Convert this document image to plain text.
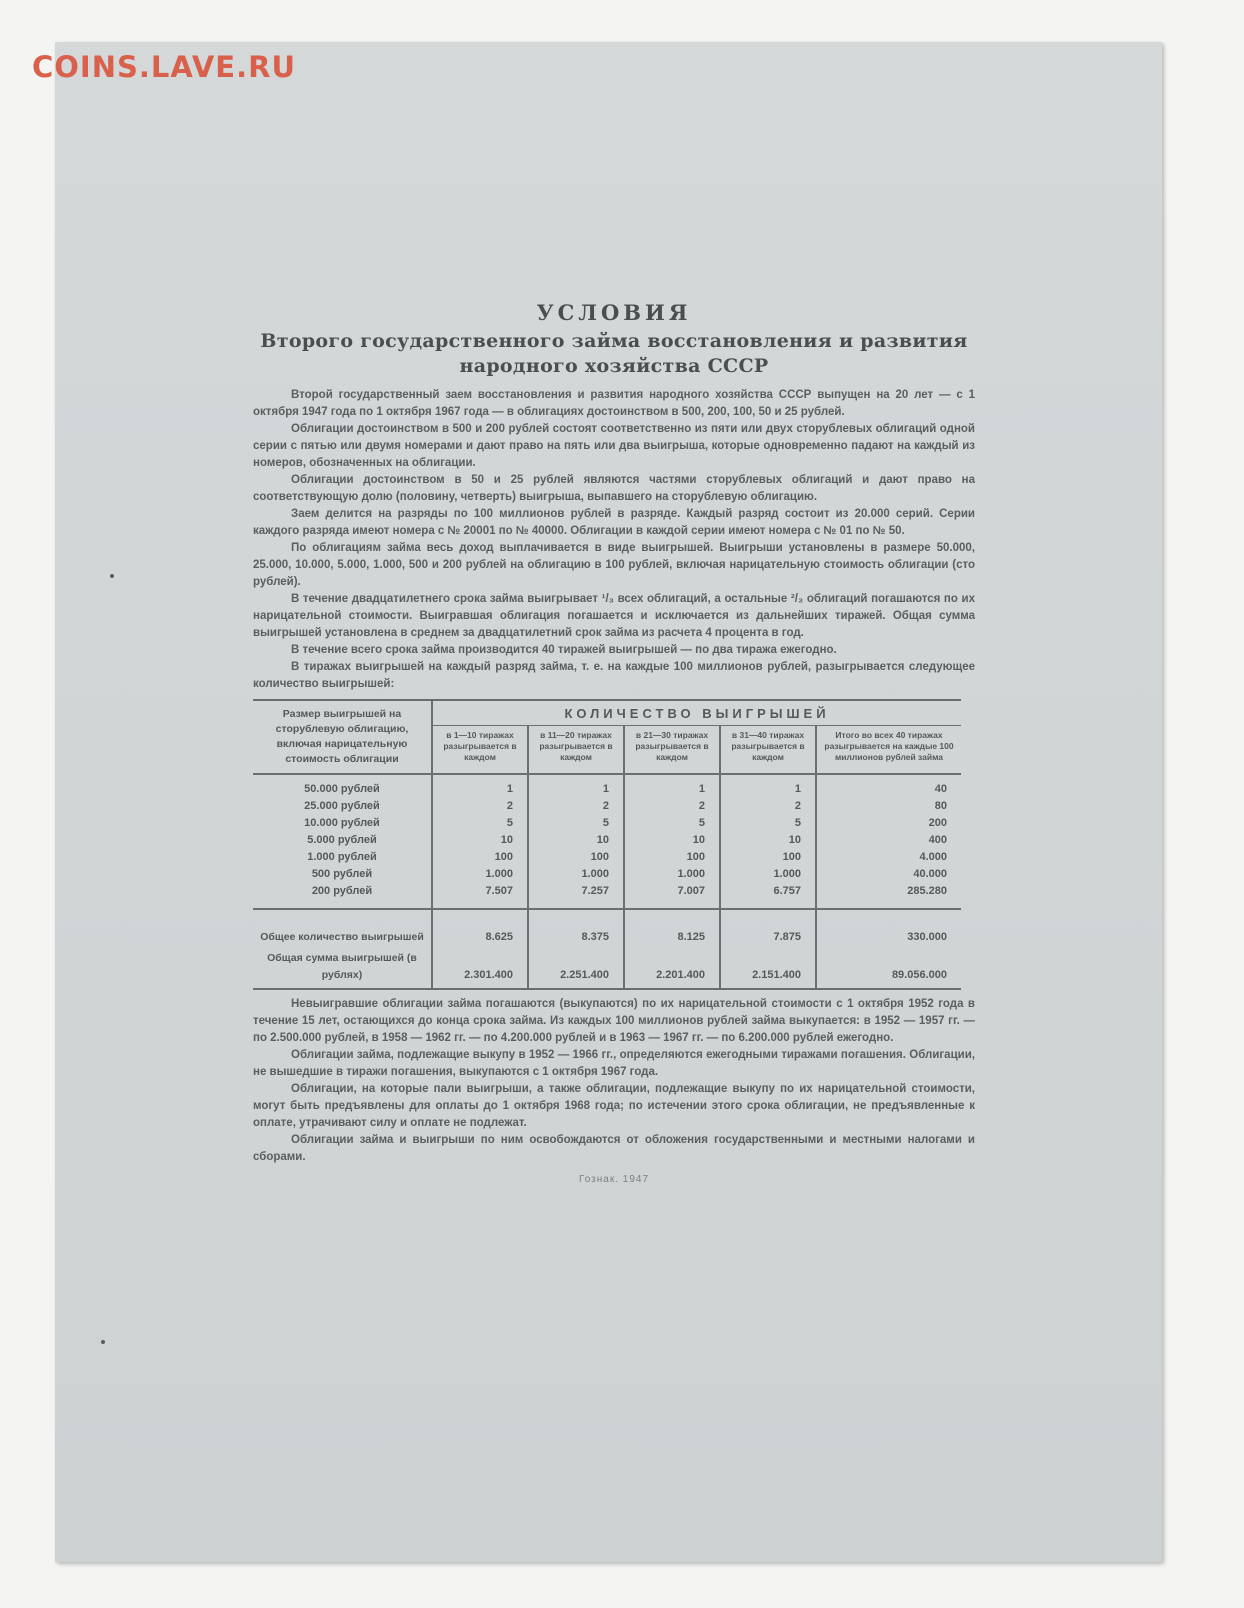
COINS.LAVE.RU
УСЛОВИЯ
Второго государственного займа восстановления и развития
народного хозяйства СССР

Второй государственный заем восстановления и развития народного хозяйства СССР выпущен на 20 лет — с 1 октября 1947 года по 1 октября 1967 года — в облигациях достоинством в 500, 200, 100, 50 и 25 рублей.

Облигации достоинством в 500 и 200 рублей состоят соответственно из пяти или двух сторублевых облигаций одной серии с пятью или двумя номерами и дают право на пять или два выигрыша, которые одновременно падают на каждый из номеров, обозначенных на облигации.

Облигации достоинством в 50 и 25 рублей являются частями сторублевых облигаций и дают право на соответствующую долю (половину, четверть) выигрыша, выпавшего на сторублевую облигацию.

Заем делится на разряды по 100 миллионов рублей в разряде. Каждый разряд состоит из 20.000 серий. Серии каждого разряда имеют номера с № 20001 по № 40000. Облигации в каждой серии имеют номера с № 01 по № 50.

По облигациям займа весь доход выплачивается в виде выигрышей. Выигрыши установлены в размере 50.000, 25.000, 10.000, 5.000, 1.000, 500 и 200 рублей на облигацию в 100 рублей, включая нарицательную стоимость облигации (сто рублей).

В течение двадцатилетнего срока займа выигрывает ¹/₃ всех облигаций, а остальные ²/₃ облигаций погашаются по их нарицательной стоимости. Выигравшая облигация погашается и исключается из дальнейших тиражей. Общая сумма выигрышей установлена в среднем за двадцатилетний срок займа из расчета 4 процента в год.

В течение всего срока займа производится 40 тиражей выигрышей — по два тиража ежегодно.

В тиражах выигрышей на каждый разряд займа, т. е. на каждые 100 миллионов рублей, разыгрывается следующее количество выигрышей:

Размер выигрышей на сторублевую облигацию, включая нарицательную стоимость облигации	КОЛИЧЕСТВО ВЫИГРЫШЕЙ				
	в 1—10 тиражах разыгрывается в каждом	в 11—20 тиражах разыгрывается в каждом	в 21—30 тиражах разыгрывается в каждом	в 31—40 тиражах разыгрывается в каждом	Итого во всех 40 тиражах разыгрывается на каждые 100 миллионов рублей займа
50.000 рублей	1	1	1	1	40
25.000 рублей	2	2	2	2	80
10.000 рублей	5	5	5	5	200
5.000 рублей	10	10	10	10	400
1.000 рублей	100	100	100	100	4.000
500 рублей	1.000	1.000	1.000	1.000	40.000
200 рублей	7.507	7.257	7.007	6.757	285.280
Общее количество выигрышей	8.625	8.375	8.125	7.875	330.000
Общая сумма выигрышей (в рублях)	2.301.400	2.251.400	2.201.400	2.151.400	89.056.000

Невыигравшие облигации займа погашаются (выкупаются) по их нарицательной стоимости с 1 октября 1952 года в течение 15 лет, остающихся до конца срока займа. Из каждых 100 миллионов рублей займа выкупается: в 1952 — 1957 гг. — по 2.500.000 рублей, в 1958 — 1962 гг. — по 4.200.000 рублей и в 1963 — 1967 гг. — по 6.200.000 рублей ежегодно.

Облигации займа, подлежащие выкупу в 1952 — 1966 гг., определяются ежегодными тиражами погашения. Облигации, не вышедшие в тиражи погашения, выкупаются с 1 октября 1967 года.

Облигации, на которые пали выигрыши, а также облигации, подлежащие выкупу по их нарицательной стоимости, могут быть предъявлены для оплаты до 1 октября 1968 года; по истечении этого срока облигации, не предъявленные к оплате, утрачивают силу и оплате не подлежат.

Облигации займа и выигрыши по ним освобождаются от обложения государственными и местными налогами и сборами.

Гознак. 1947
